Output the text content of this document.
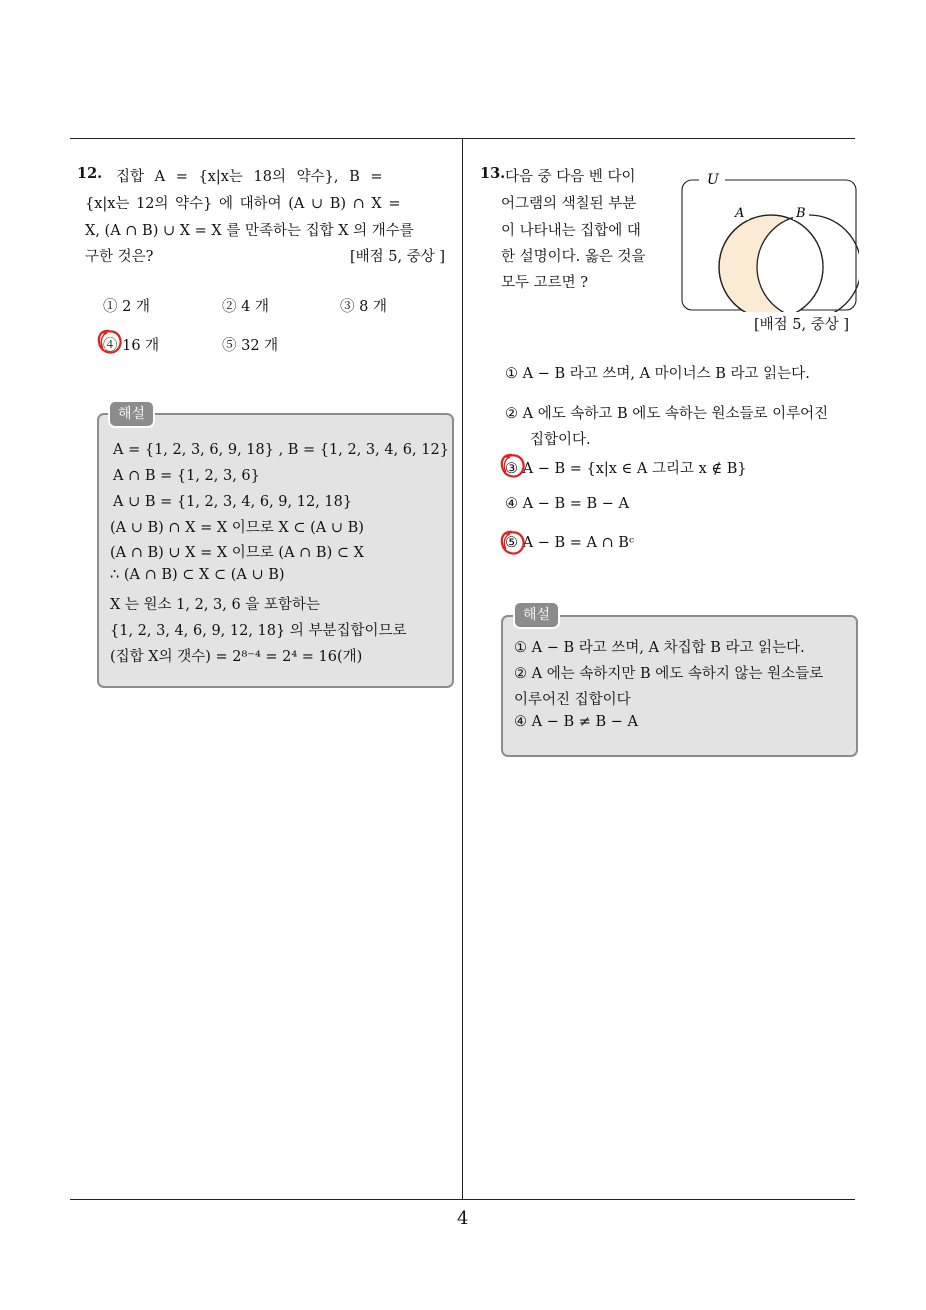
12. 집합 A = {x|x는 18의 약수}, B =
{x|x는 12의 약수} 에 대하여 (A ∪ B) ∩ X =
X, (A ∩ B) ∪ X = X 를 만족하는 집합 X 의 개수를
구한 것은?	[배점 5, 중상 ]
① 2 개	② 4 개	③ 8 개
④ 16 개	⑤ 32 개
해설
A = {1, 2, 3, 6, 9, 18} , B = {1, 2, 3, 4, 6, 12}
A ∩ B = {1, 2, 3, 6}
A ∪ B = {1, 2, 3, 4, 6, 9, 12, 18}
(A ∪ B) ∩ X = X 이므로 X ⊂ (A ∪ B)
(A ∩ B) ∪ X = X 이므로 (A ∩ B) ⊂ X
∴ (A ∩ B) ⊂ X ⊂ (A ∪ B)
X 는 원소 1, 2, 3, 6 을 포함하는
{1, 2, 3, 4, 6, 9, 12, 18} 의 부분집합이므로
(집합 X의 갯수) = 2⁸⁻⁴ = 2⁴ = 16(개)
13. 다음 중 다음 벤 다이
어그램의 색칠된 부분
이 나타내는 집합에 대
한 설명이다. 옳은 것을
모두 고르면 ?
U
A	B
[배점 5, 중상 ]
① A − B 라고 쓰며, A 마이너스 B 라고 읽는다.
② A 에도 속하고 B 에도 속하는 원소들로 이루어진
집합이다.
③ A − B = {x|x ∈ A 그리고 x ∉ B}
④ A − B = B − A
⑤ A − B = A ∩ Bᶜ
해설
① A − B 라고 쓰며, A 차집합 B 라고 읽는다.
② A 에는 속하지만 B 에도 속하지 않는 원소들로
이루어진 집합이다
④ A − B ≠ B − A
4
